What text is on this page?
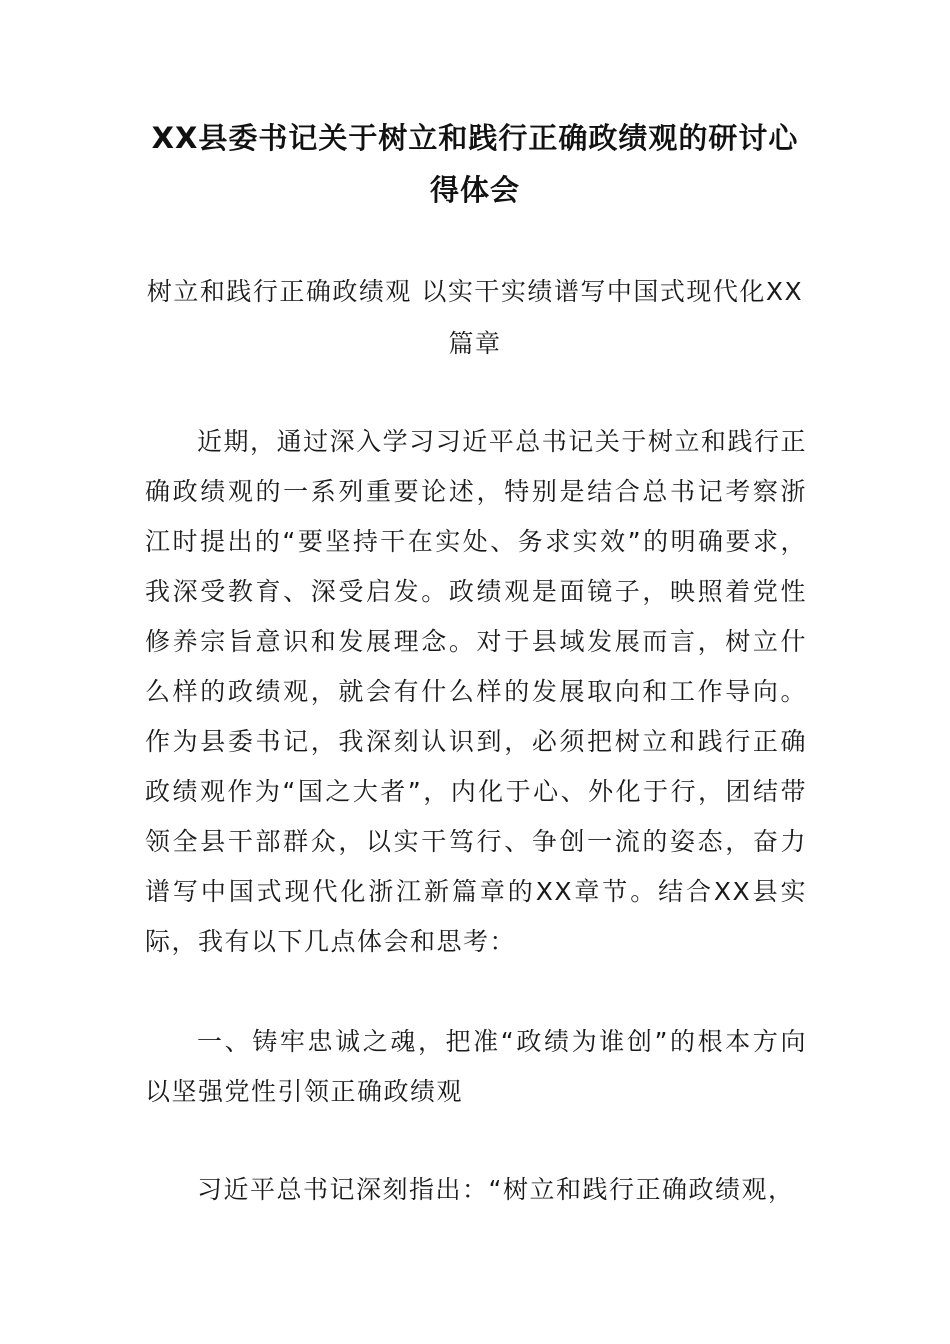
XX县委书记关于树立和践行正确政绩观的研讨心得体会
树立和践行正确政绩观 以实干实绩谱写中国式现代化XX篇章

近期，通过深入学习习近平总书记关于树立和践行正确政绩观的一系列重要论述，特别是结合总书记考察浙江时提出的“要坚持干在实处、务求实效”的明确要求，我深受教育、深受启发。政绩观是面镜子，映照着党性修养宗旨意识和发展理念。对于县域发展而言，树立什么样的政绩观，就会有什么样的发展取向和工作导向。作为县委书记，我深刻认识到，必须把树立和践行正确政绩观作为“国之大者”，内化于心、外化于行，团结带领全县干部群众，以实干笃行、争创一流的姿态，奋力谱写中国式现代化浙江新篇章的XX章节。结合XX县实际，我有以下几点体会和思考：

一、铸牢忠诚之魂，把准“政绩为谁创”的根本方向以坚强党性引领正确政绩观

习近平总书记深刻指出：“树立和践行正确政绩观，
